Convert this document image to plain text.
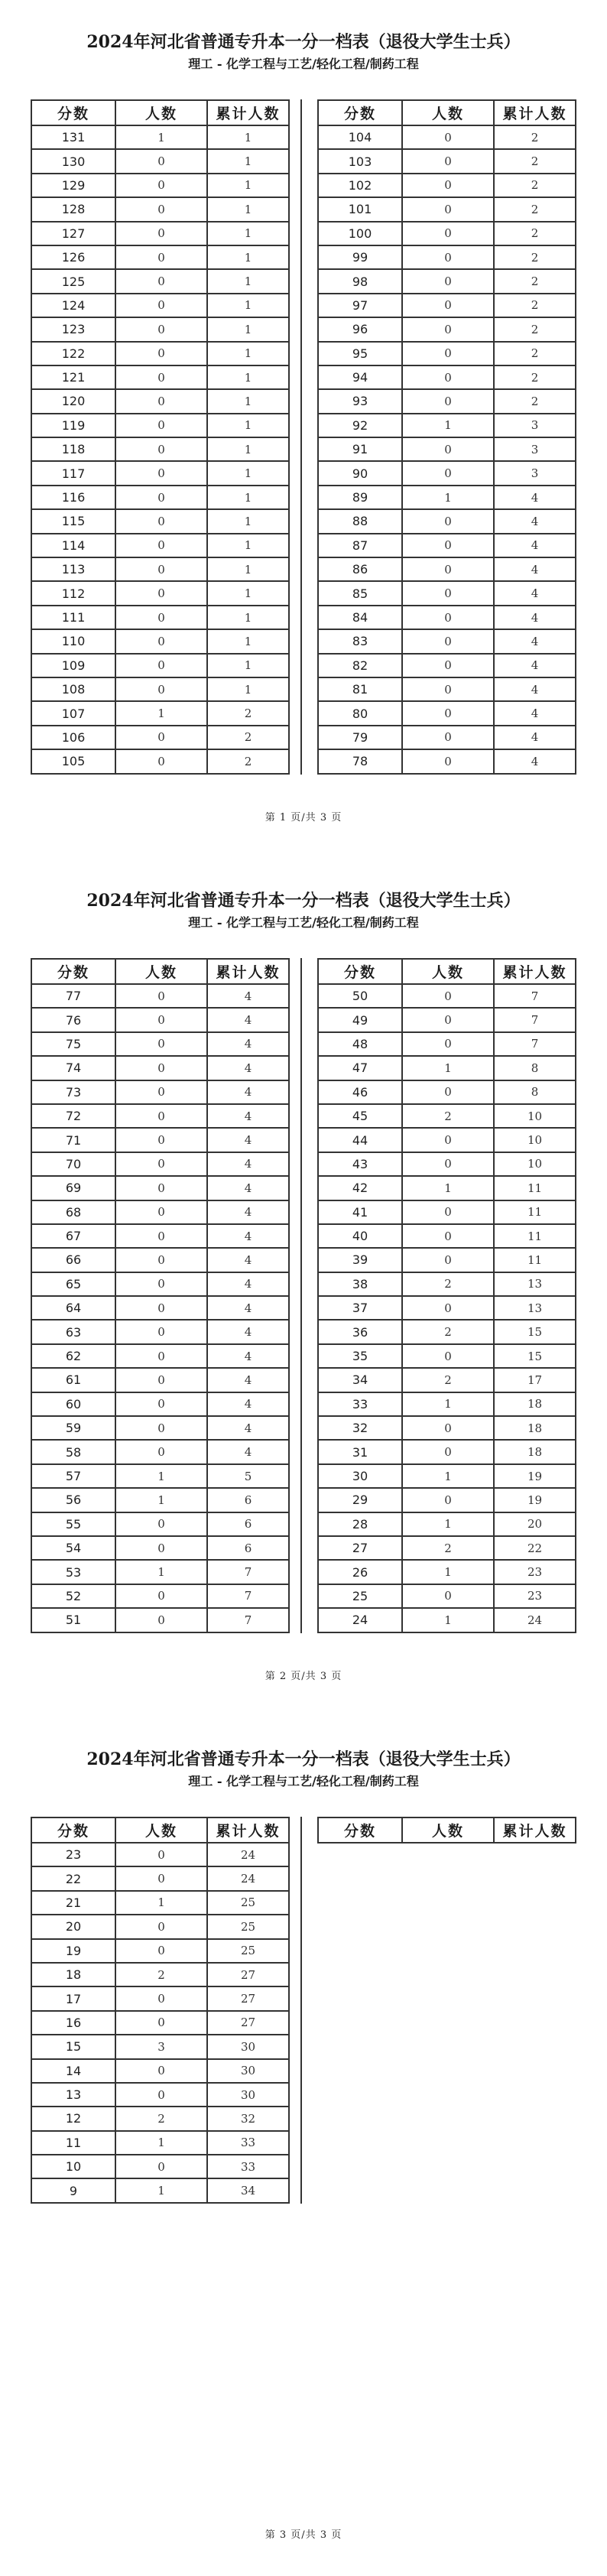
2024年河北省普通专升本一分一档表（退役大学生士兵）
理工 - 化学工程与工艺/轻化工程/制药工程
分数	人数	累计人数
131	1	1
130	0	1
129	0	1
128	0	1
127	0	1
126	0	1
125	0	1
124	0	1
123	0	1
122	0	1
121	0	1
120	0	1
119	0	1
118	0	1
117	0	1
116	0	1
115	0	1
114	0	1
113	0	1
112	0	1
111	0	1
110	0	1
109	0	1
108	0	1
107	1	2
106	0	2
105	0	2
分数	人数	累计人数
104	0	2
103	0	2
102	0	2
101	0	2
100	0	2
99	0	2
98	0	2
97	0	2
96	0	2
95	0	2
94	0	2
93	0	2
92	1	3
91	0	3
90	0	3
89	1	4
88	0	4
87	0	4
86	0	4
85	0	4
84	0	4
83	0	4
82	0	4
81	0	4
80	0	4
79	0	4
78	0	4
第 1 页/共 3 页
2024年河北省普通专升本一分一档表（退役大学生士兵）
理工 - 化学工程与工艺/轻化工程/制药工程
分数	人数	累计人数
77	0	4
76	0	4
75	0	4
74	0	4
73	0	4
72	0	4
71	0	4
70	0	4
69	0	4
68	0	4
67	0	4
66	0	4
65	0	4
64	0	4
63	0	4
62	0	4
61	0	4
60	0	4
59	0	4
58	0	4
57	1	5
56	1	6
55	0	6
54	0	6
53	1	7
52	0	7
51	0	7
分数	人数	累计人数
50	0	7
49	0	7
48	0	7
47	1	8
46	0	8
45	2	10
44	0	10
43	0	10
42	1	11
41	0	11
40	0	11
39	0	11
38	2	13
37	0	13
36	2	15
35	0	15
34	2	17
33	1	18
32	0	18
31	0	18
30	1	19
29	0	19
28	1	20
27	2	22
26	1	23
25	0	23
24	1	24
第 2 页/共 3 页
2024年河北省普通专升本一分一档表（退役大学生士兵）
理工 - 化学工程与工艺/轻化工程/制药工程
分数	人数	累计人数
23	0	24
22	0	24
21	1	25
20	0	25
19	0	25
18	2	27
17	0	27
16	0	27
15	3	30
14	0	30
13	0	30
12	2	32
11	1	33
10	0	33
9	1	34
分数	人数	累计人数
第 3 页/共 3 页
